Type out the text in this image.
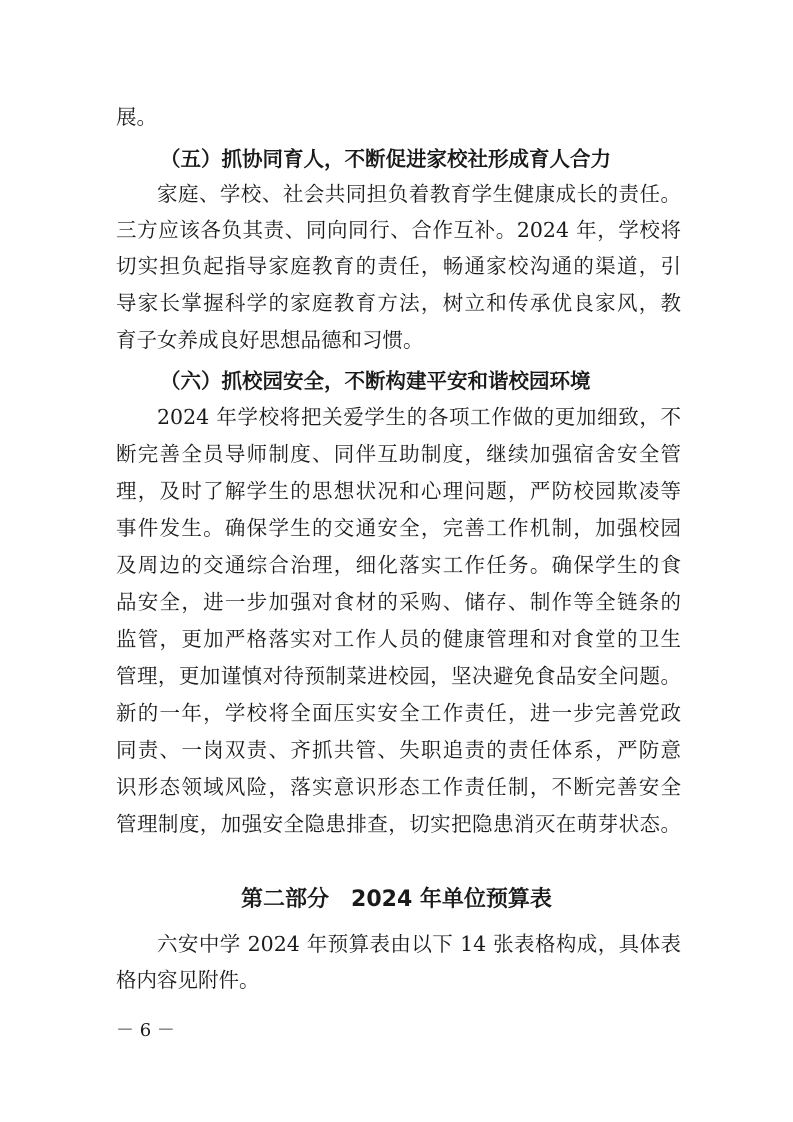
展。
（五）抓协同育人，不断促进家校社形成育人合力
家庭、学校、社会共同担负着教育学生健康成长的责任。
三方应该各负其责、同向同行、合作互补。2024 年，学校将
切实担负起指导家庭教育的责任，畅通家校沟通的渠道，引
导家长掌握科学的家庭教育方法，树立和传承优良家风，教
育子女养成良好思想品德和习惯。
（六）抓校园安全，不断构建平安和谐校园环境
2024 年学校将把关爱学生的各项工作做的更加细致，不
断完善全员导师制度、同伴互助制度，继续加强宿舍安全管
理，及时了解学生的思想状况和心理问题，严防校园欺凌等
事件发生。确保学生的交通安全，完善工作机制，加强校园
及周边的交通综合治理，细化落实工作任务。确保学生的食
品安全，进一步加强对食材的采购、储存、制作等全链条的
监管，更加严格落实对工作人员的健康管理和对食堂的卫生
管理，更加谨慎对待预制菜进校园，坚决避免食品安全问题。
新的一年，学校将全面压实安全工作责任，进一步完善党政
同责、一岗双责、齐抓共管、失职追责的责任体系，严防意
识形态领域风险，落实意识形态工作责任制，不断完善安全
管理制度，加强安全隐患排查，切实把隐患消灭在萌芽状态。
第二部分　2024 年单位预算表
六安中学 2024 年预算表由以下 14 张表格构成，具体表
格内容见附件。
－ 6 －
